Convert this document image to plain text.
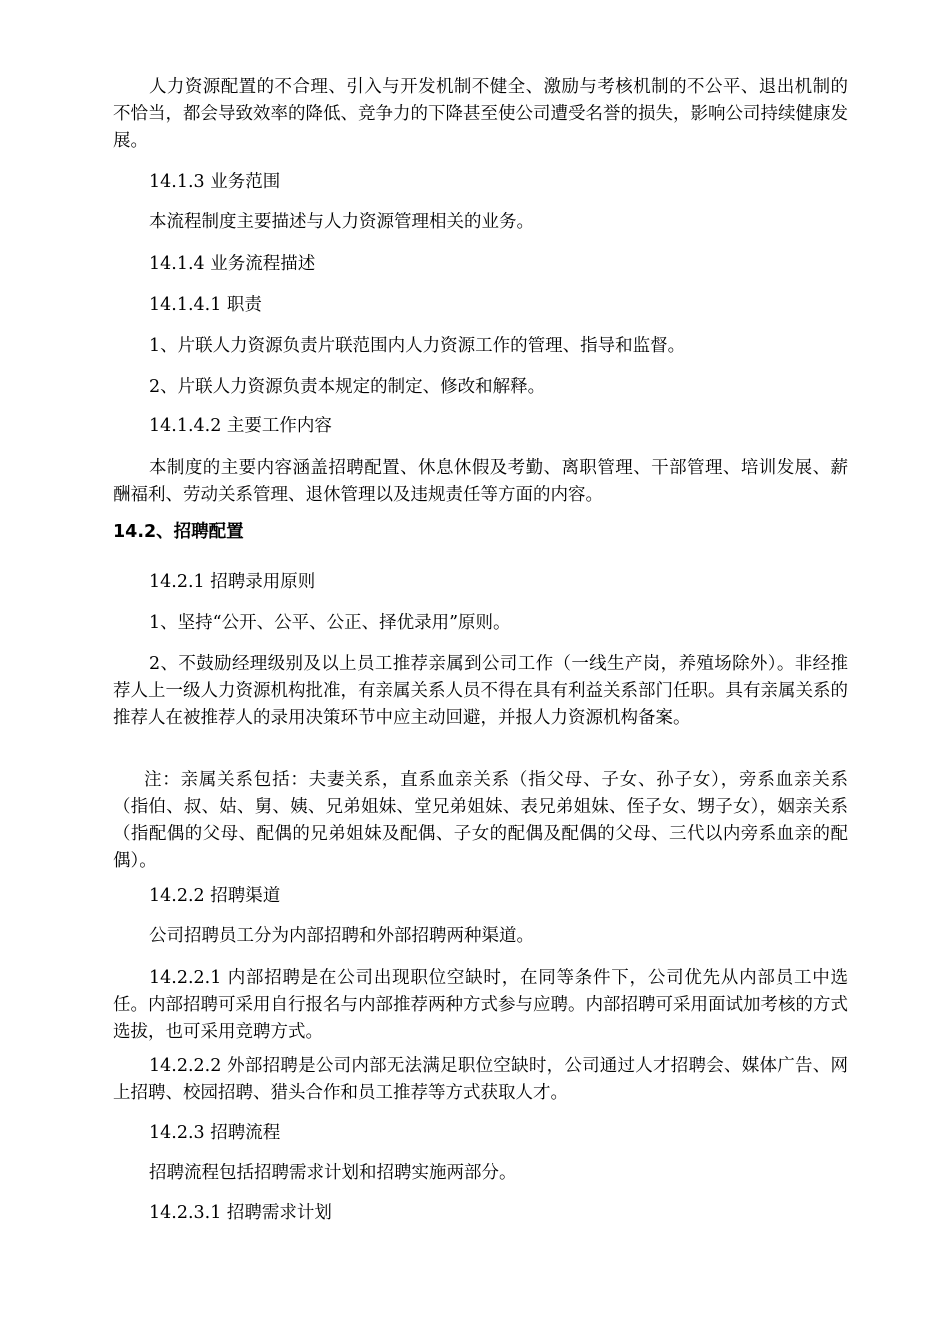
人力资源配置的不合理、引入与开发机制不健全、激励与考核机制的不公平、退出机制的不恰当，都会导致效率的降低、竞争力的下降甚至使公司遭受名誉的损失，影响公司持续健康发展。

14.1.3 业务范围

本流程制度主要描述与人力资源管理相关的业务。

14.1.4 业务流程描述

14.1.4.1 职责

1、片联人力资源负责片联范围内人力资源工作的管理、指导和监督。

2、片联人力资源负责本规定的制定、修改和解释。

14.1.4.2 主要工作内容

本制度的主要内容涵盖招聘配置、休息休假及考勤、离职管理、干部管理、培训发展、薪酬福利、劳动关系管理、退休管理以及违规责任等方面的内容。

14.2、招聘配置

14.2.1 招聘录用原则

1、坚持“公开、公平、公正、择优录用”原则。

2、不鼓励经理级别及以上员工推荐亲属到公司工作（一线生产岗，养殖场除外）。非经推荐人上一级人力资源机构批准，有亲属关系人员不得在具有利益关系部门任职。具有亲属关系的推荐人在被推荐人的录用决策环节中应主动回避，并报人力资源机构备案。

注：亲属关系包括：夫妻关系，直系血亲关系（指父母、子女、孙子女），旁系血亲关系（指伯、叔、姑、舅、姨、兄弟姐妹、堂兄弟姐妹、表兄弟姐妹、侄子女、甥子女），姻亲关系（指配偶的父母、配偶的兄弟姐妹及配偶、子女的配偶及配偶的父母、三代以内旁系血亲的配偶）。

14.2.2 招聘渠道

公司招聘员工分为内部招聘和外部招聘两种渠道。

14.2.2.1 内部招聘是在公司出现职位空缺时，在同等条件下，公司优先从内部员工中选任。内部招聘可采用自行报名与内部推荐两种方式参与应聘。内部招聘可采用面试加考核的方式选拔，也可采用竞聘方式。

14.2.2.2 外部招聘是公司内部无法满足职位空缺时，公司通过人才招聘会、媒体广告、网上招聘、校园招聘、猎头合作和员工推荐等方式获取人才。

14.2.3 招聘流程

招聘流程包括招聘需求计划和招聘实施两部分。

14.2.3.1 招聘需求计划
